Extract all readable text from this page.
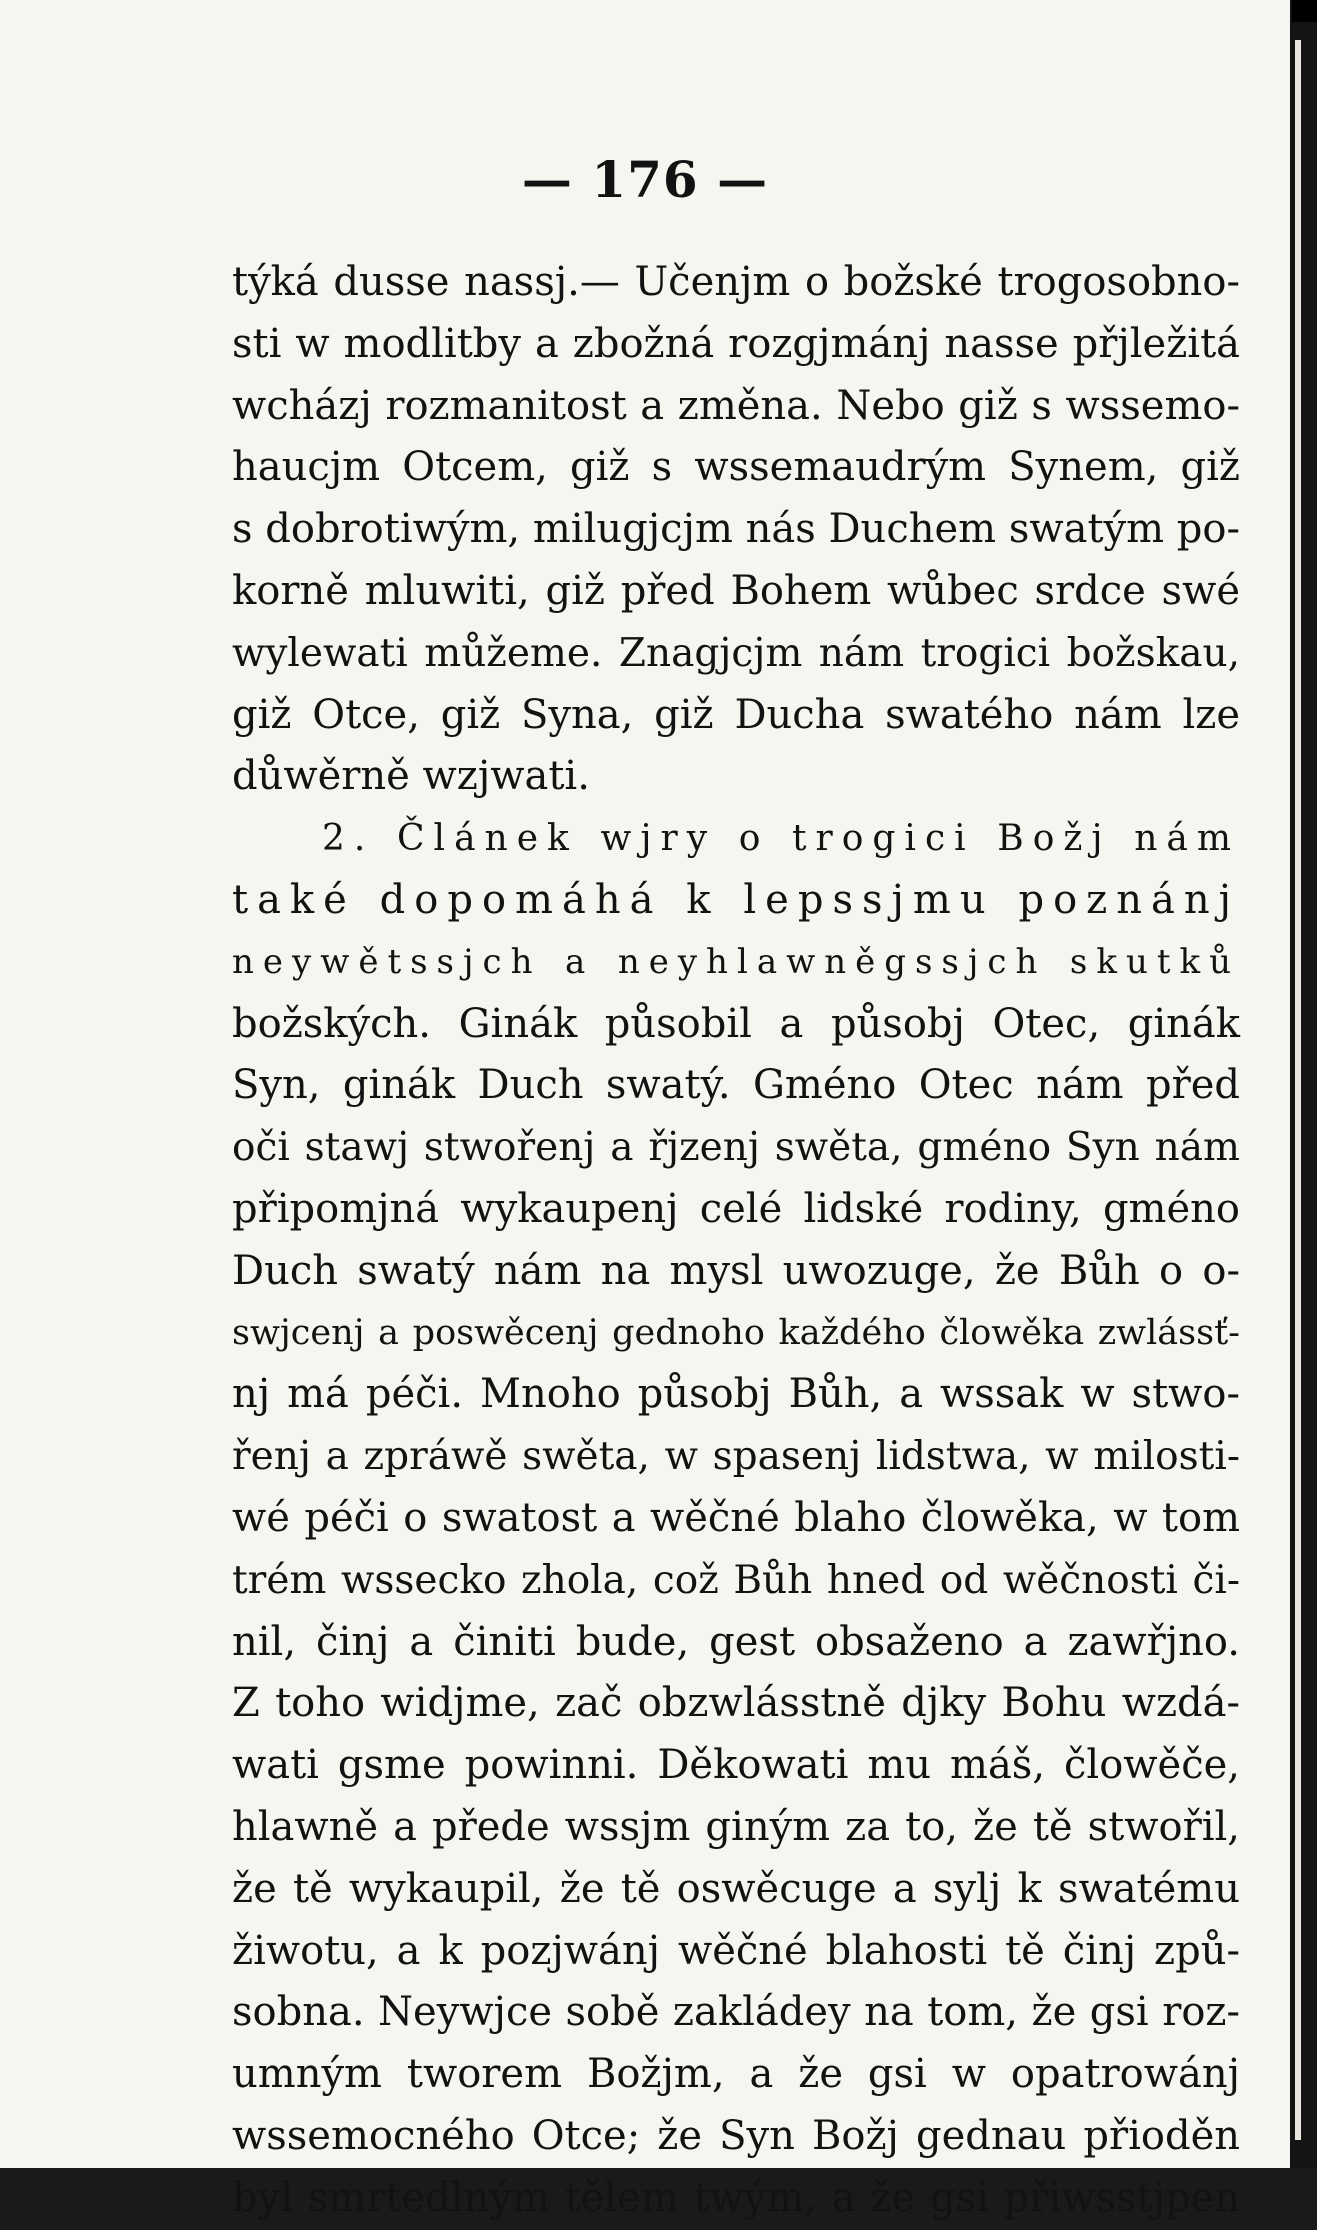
— 176 —
týká dusse nassj.— Učenjm o božské trogosobno-
sti w modlitby a zbožná rozgjmánj nasse přjležitá
wcházj rozmanitost a změna. Nebo giž s wssemo-
haucjm Otcem, giž s wssemaudrým Synem, giž
s dobrotiwým, milugjcjm nás Duchem swatým po-
korně mluwiti, giž před Bohem wůbec srdce swé
wylewati můžeme. Znagjcjm nám trogici božskau,
giž Otce, giž Syna, giž Ducha swatého nám lze
důwěrně wzjwati.
2. Článek wjry o trogici Božj nám
také dopomáhá k lepssjmu poznánj
neywětssjch a neyhlawněgssjch skutků
božských. Ginák působil a působj Otec, ginák
Syn, ginák Duch swatý. Gméno Otec nám před
oči stawj stwořenj a řjzenj swěta, gméno Syn nám
připomjná wykaupenj celé lidské rodiny, gméno
Duch swatý nám na mysl uwozuge, že Bůh o o-
swjcenj a poswěcenj gednoho každého člowěka zwlássť-
nj má péči. Mnoho působj Bůh, a wssak w stwo-
řenj a zpráwě swěta, w spasenj lidstwa, w milosti-
wé péči o swatost a wěčné blaho člowěka, w tom
trém wssecko zhola, což Bůh hned od wěčnosti či-
nil, činj a činiti bude, gest obsaženo a zawřjno.
Z toho widjme, zač obzwlásstně djky Bohu wzdá-
wati gsme powinni. Děkowati mu máš, člowěče,
hlawně a přede wssjm giným za to, že tě stwořil,
že tě wykaupil, že tě oswěcuge a sylj k swatému
žiwotu, a k pozjwánj wěčné blahosti tě činj způ-
sobna. Neywjce sobě zakládey na tom, že gsi roz-
umným tworem Božjm, a že gsi w opatrowánj
wssemocného Otce; že Syn Božj gednau přioděn
byl smrtedlným tělem twým, a že gsi přiwsstjpen
